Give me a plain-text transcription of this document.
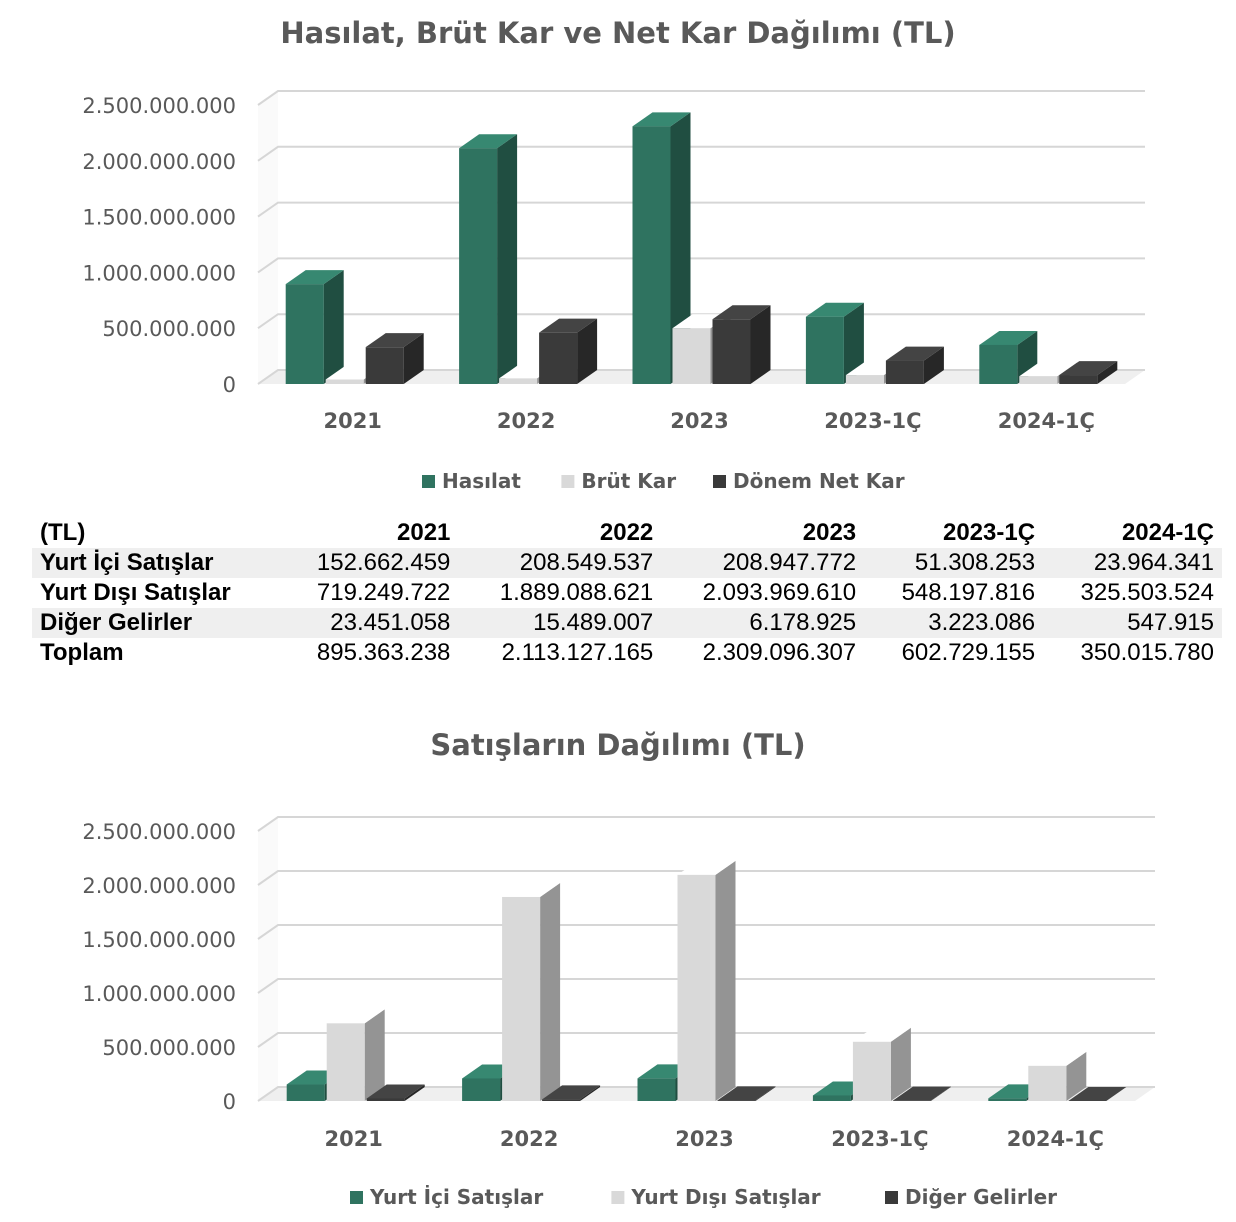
Hasılat, Brüt Kar ve Net Kar Dağılımı (TL)
0
500.000.000
1.000.000.000
1.500.000.000
2.000.000.000
2.500.000.000
2021	2022	2023	2023-1Ç	2024-1Ç
Hasılat	Brüt Kar	Dönem Net Kar
(TL)	2021	2022	2023	2023-1Ç	2024-1Ç
Yurt İçi Satışlar	152.662.459	208.549.537	208.947.772	51.308.253	23.964.341
Yurt Dışı Satışlar	719.249.722	1.889.088.621	2.093.969.610	548.197.816	325.503.524
Diğer Gelirler	23.451.058	15.489.007	6.178.925	3.223.086	547.915
Toplam	895.363.238	2.113.127.165	2.309.096.307	602.729.155	350.015.780
Satışların Dağılımı (TL)
0
500.000.000
1.000.000.000
1.500.000.000
2.000.000.000
2.500.000.000
2021	2022	2023	2023-1Ç	2024-1Ç
Yurt İçi Satışlar	Yurt Dışı Satışlar	Diğer Gelirler
